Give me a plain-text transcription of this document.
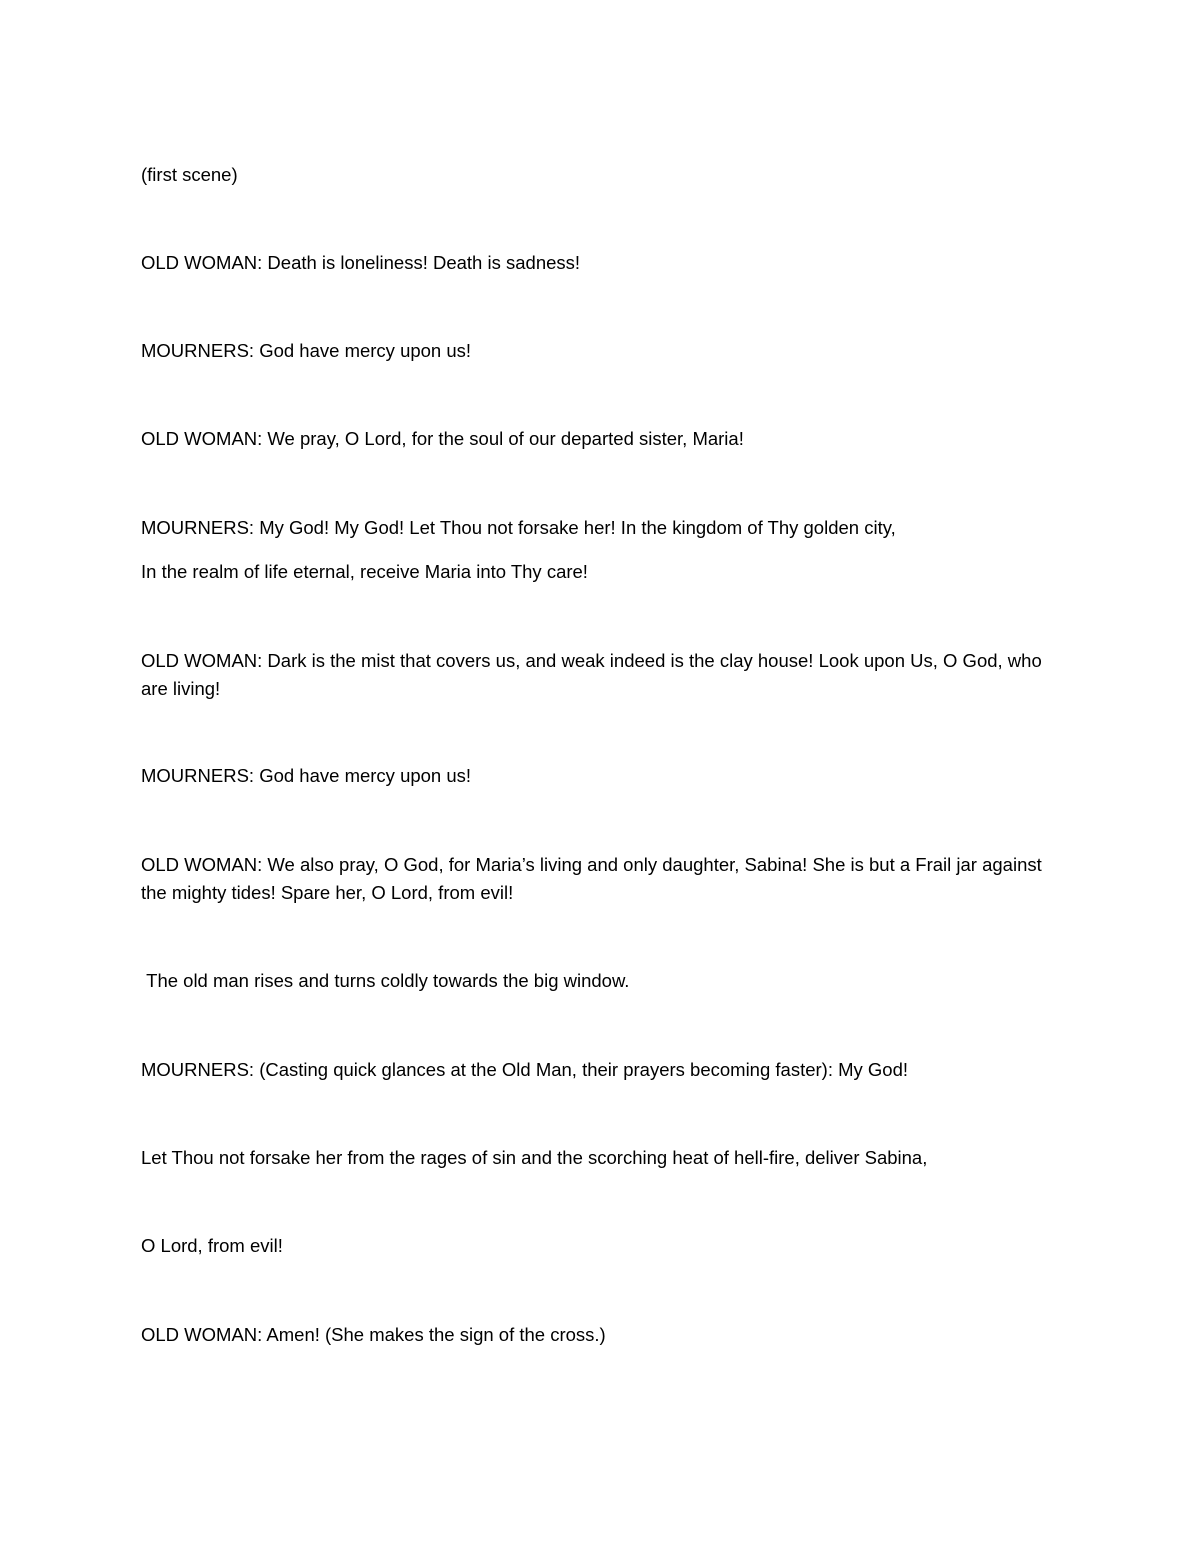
(first scene)

OLD WOMAN: Death is loneliness! Death is sadness!

MOURNERS: God have mercy upon us!

OLD WOMAN: We pray, O Lord, for the soul of our departed sister, Maria!

MOURNERS: My God! My God! Let Thou not forsake her! In the kingdom of Thy golden city,

In the realm of life eternal, receive Maria into Thy care!

OLD WOMAN: Dark is the mist that covers us, and weak indeed is the clay house! Look upon Us, O God, who are living!

MOURNERS: God have mercy upon us!

OLD WOMAN: We also pray, O God, for Maria’s living and only daughter, Sabina! She is but a Frail jar against the mighty tides! Spare her, O Lord, from evil!

The old man rises and turns coldly towards the big window.

MOURNERS: (Casting quick glances at the Old Man, their prayers becoming faster): My God!

Let Thou not forsake her from the rages of sin and the scorching heat of hell-fire, deliver Sabina,

O Lord, from evil!

OLD WOMAN: Amen! (She makes the sign of the cross.)
